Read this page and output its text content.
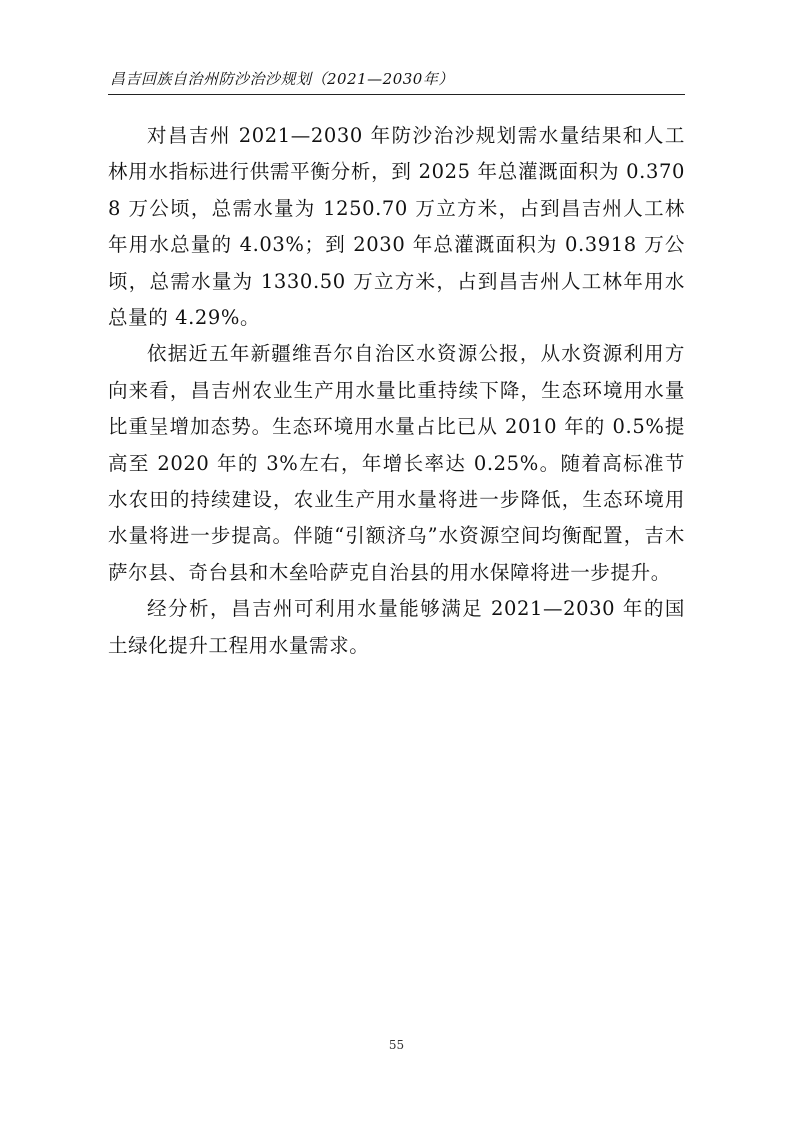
昌吉回族自治州防沙治沙规划（2021—2030年）

对昌吉州 2021—2030 年防沙治沙规划需水量结果和人工林用水指标进行供需平衡分析，到 2025 年总灌溉面积为 0.3708 万公顷，总需水量为 1250.70 万立方米，占到昌吉州人工林年用水总量的 4.03%；到 2030 年总灌溉面积为 0.3918 万公顷，总需水量为 1330.50 万立方米，占到昌吉州人工林年用水总量的 4.29%。

依据近五年新疆维吾尔自治区水资源公报，从水资源利用方向来看，昌吉州农业生产用水量比重持续下降，生态环境用水量比重呈增加态势。生态环境用水量占比已从 2010 年的 0.5%提高至 2020 年的 3%左右，年增长率达 0.25%。随着高标准节水农田的持续建设，农业生产用水量将进一步降低，生态环境用水量将进一步提高。伴随“引额济乌”水资源空间均衡配置，吉木萨尔县、奇台县和木垒哈萨克自治县的用水保障将进一步提升。

经分析，昌吉州可利用水量能够满足 2021—2030 年的国土绿化提升工程用水量需求。

55
